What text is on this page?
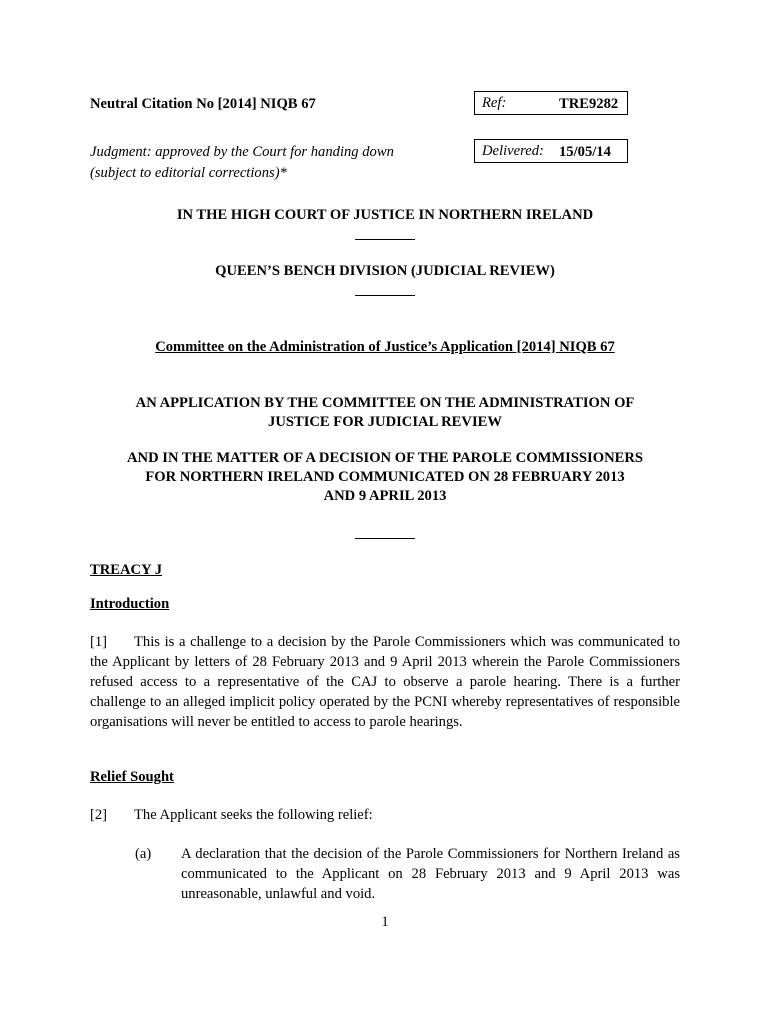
Neutral Citation No [2014] NIQB 67	Ref:	TRE9282
Delivered: 15/05/14
Judgment: approved by the Court for handing down
(subject to editorial corrections)*
IN THE HIGH COURT OF JUSTICE IN NORTHERN IRELAND
QUEEN’S BENCH DIVISION (JUDICIAL REVIEW)
Committee on the Administration of Justice’s Application [2014] NIQB 67
AN APPLICATION BY THE COMMITTEE ON THE ADMINISTRATION OF
JUSTICE FOR JUDICIAL REVIEW
AND IN THE MATTER OF A DECISION OF THE PAROLE COMMISSIONERS
FOR NORTHERN IRELAND COMMUNICATED ON 28 FEBRUARY 2013
AND 9 APRIL 2013
TREACY J
Introduction
[1] This is a challenge to a decision by the Parole Commissioners which was communicated to the Applicant by letters of 28 February 2013 and 9 April 2013 wherein the Parole Commissioners refused access to a representative of the CAJ to observe a parole hearing. There is a further challenge to an alleged implicit policy operated by the PCNI whereby representatives of responsible organisations will never be entitled to access to parole hearings.
Relief Sought
[2] The Applicant seeks the following relief:
(a) A declaration that the decision of the Parole Commissioners for Northern Ireland as communicated to the Applicant on 28 February 2013 and 9 April 2013 was unreasonable, unlawful and void.
1
